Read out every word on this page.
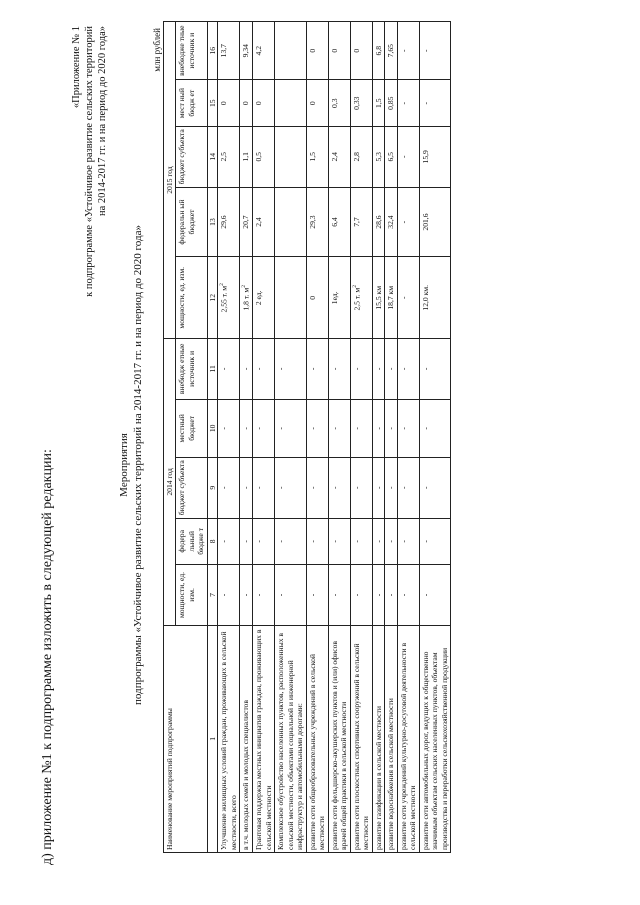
д) приложение №1 к подпрограмме изложить в следующей редакции:
«Приложение № 1 к подпрограмме «Устойчивое развитие сельских территорий на 2014-2017 гг. и на период до 2020 года»
Мероприятия подпрограммы «Устойчивое развитие сельских территорий на 2014-2017 гг. и на период до 2020 года»
млн рублей
Наименование мероприятий подпрограммы	2014 год					2015 год				
	мощности, ед. изм.	федера льный бюдже т	бюджет субъекта	местный бюджет	внебюдж етные источник и	мощности, ед. изм.	федеральн ый бюджет	бюджет субъекта	мест ный бюдж ет	внебюдже тные источник и
1	7	8	9	10	11	12	13	14	15	16
Улучшение жилищных условий граждан, проживающих в сельской местности, всего	-	-	-	-	-	2,55 т. $м^2$	29,6	2,5	0	13,7
в т.ч. молодых семей и молодых специалистов	-	-	-	-	-	1,8 т. $м^2$	20,7	1,1	0	9,34
Грантовая поддержка местных инициатив граждан, проживающих в сельской местности	-	-	-	-	-	2 ед.	2,4	0,5	0	4,2
Комплексное обустройство населенных пунктов, расположенных в сельской местности, объектами социальной и инженерной инфраструктур и автомобильными дорогами:	-	-	-	-	-					
развитие сети общеобразовательных учреждений в сельской местности	-	-	-	-	-	0	29,3	1,5	0	0
развитие сети фельдшерско-акушерских пунктов и (или) офисов врачей общей практики в сельской местности	-	-	-	-	-	1ед.	6,4	2,4	0,3	0
развитие сети плоскостных спортивных сооружений в сельской местности	-	-	-	-	-	2,5 т. $м^2$	7,7	2,8	0,33	0
развитие газификации в сельской местности	-	-	-	-	-	15,5 км	28,6	5,3	1,5	6,8
развитие водоснабжения в сельской местности	-	-	-	-	-	18,7 км	32,4	6,5	0,85	7,65
развитие сети учреждений культурно-досуговой деятельности в сельской местности	-	-	-	-	-	-	-	-	-	-
развитие сети автомобильных дорог, ведущих к общественно значимым объектам сельских населенных пунктов, объектам производства и переработки сельскохозяйственной продукции	-	-	-	-	-	12,0 км.	201,6	15,9	-	-
